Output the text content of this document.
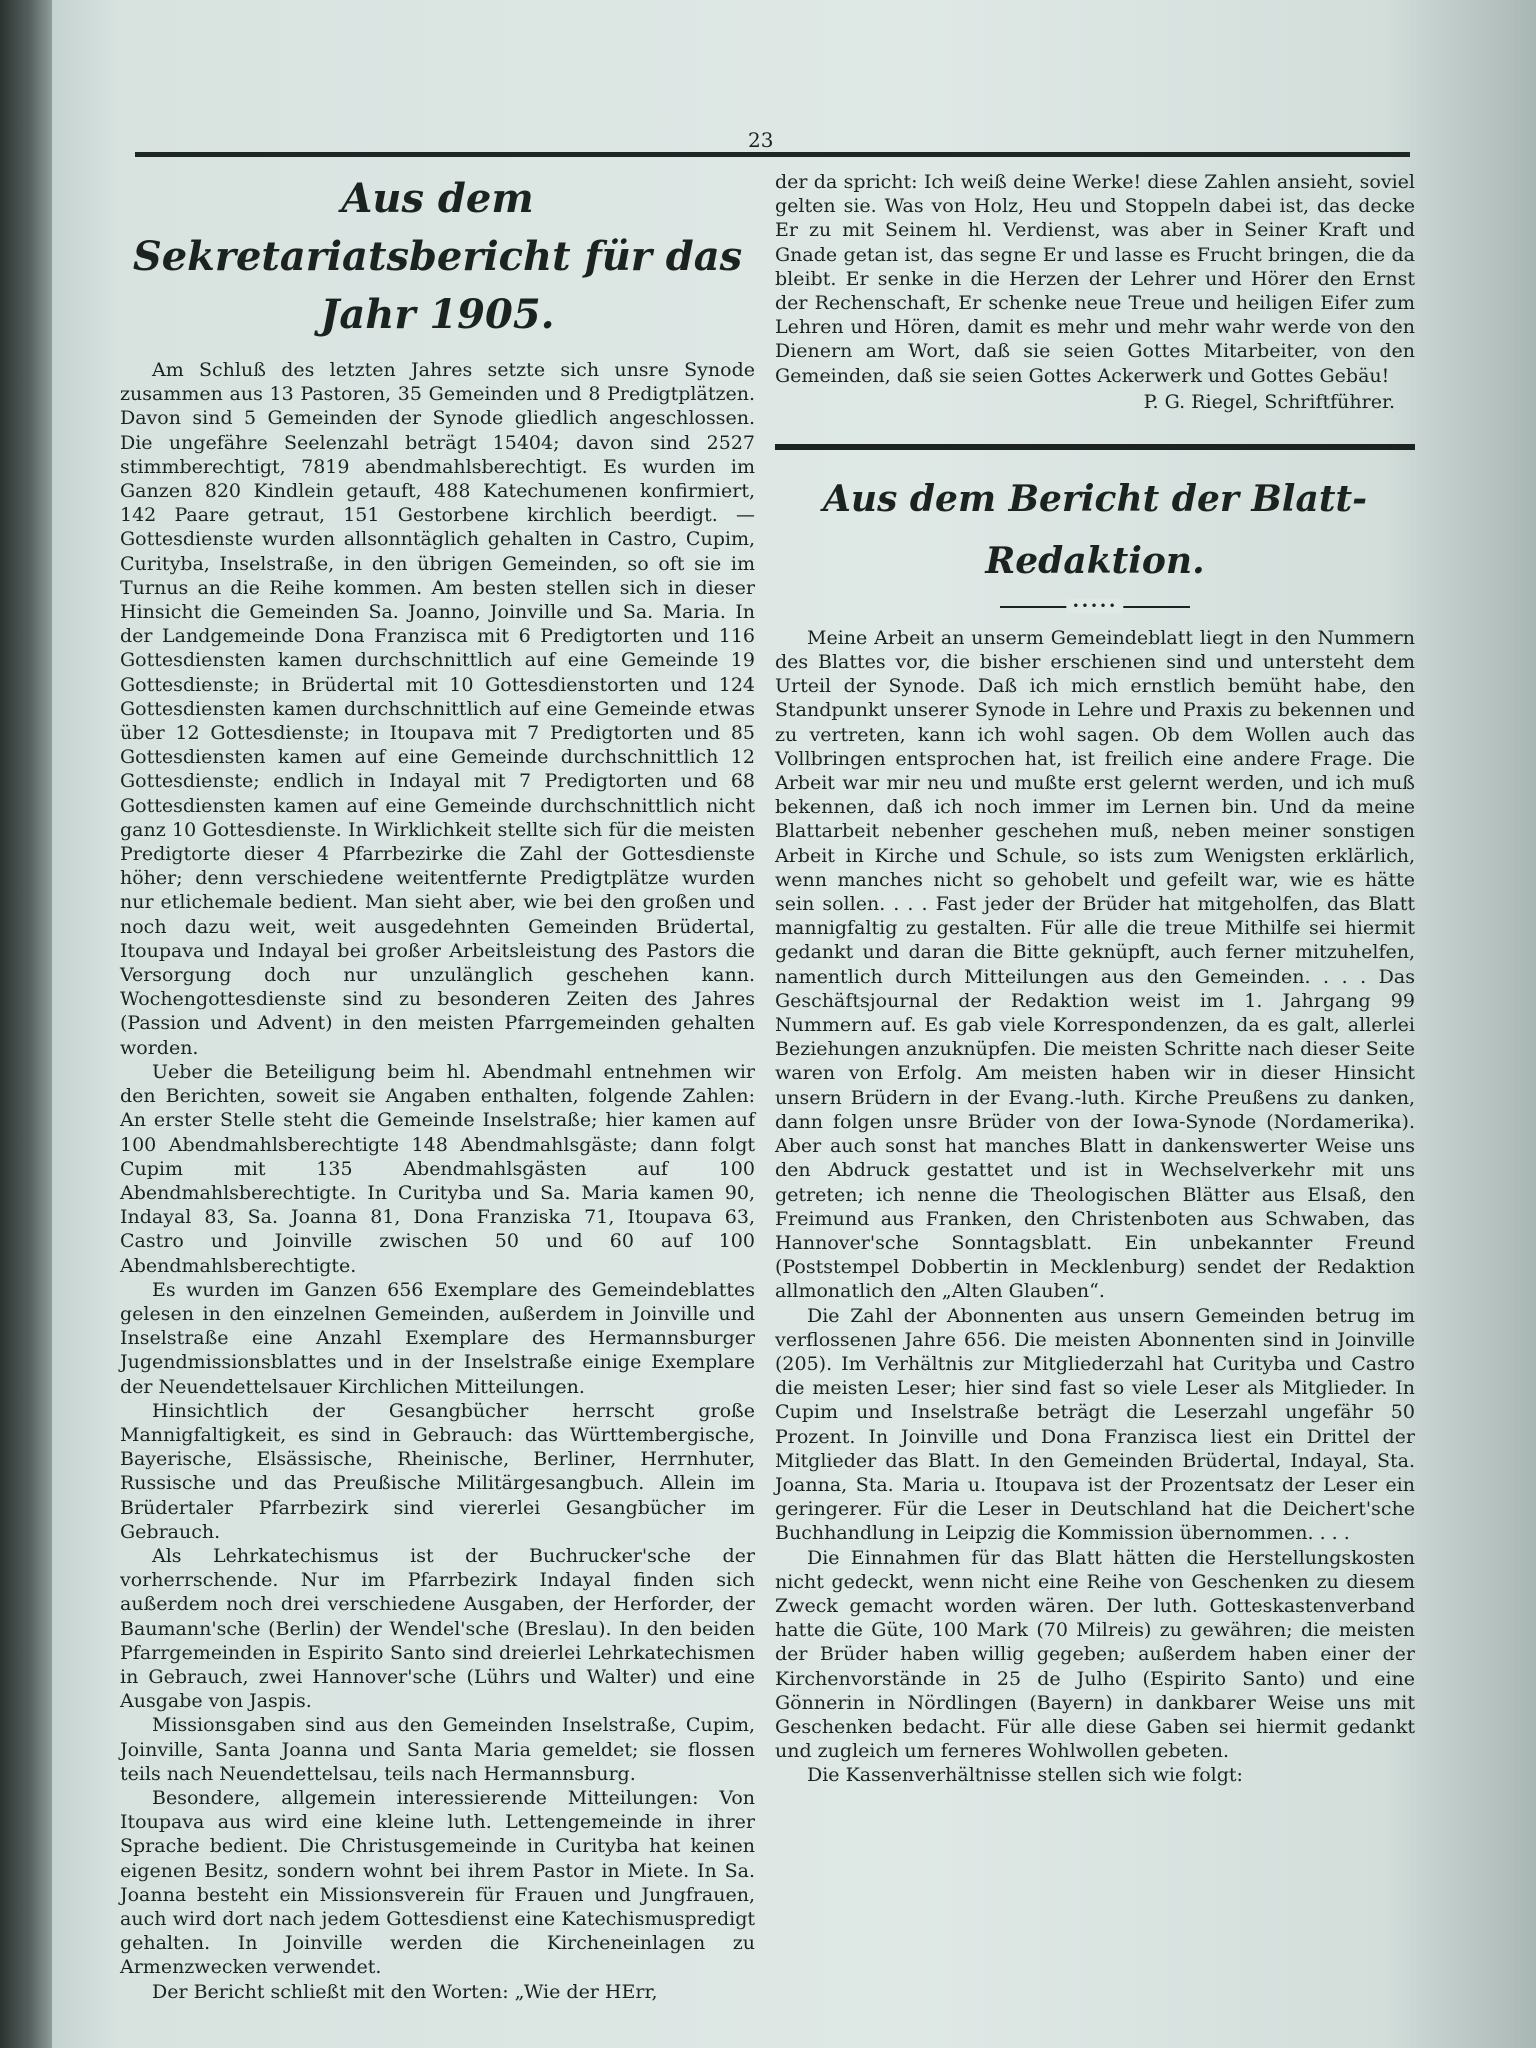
23
Aus dem Sekretariatsbericht für das Jahr 1905.

Am Schluß des letzten Jahres setzte sich unsre Synode zusammen aus 13 Pastoren, 35 Gemeinden und 8 Predigtplätzen. Davon sind 5 Gemeinden der Synode gliedlich angeschlossen. Die ungefähre Seelenzahl beträgt 15404; davon sind 2527 stimmberechtigt, 7819 abendmahlsberechtigt. Es wurden im Ganzen 820 Kindlein getauft, 488 Katechumenen konfirmiert, 142 Paare getraut, 151 Gestorbene kirchlich beerdigt. — Gottesdienste wurden allsonntäglich gehalten in Castro, Cupim, Curityba, Inselstraße, in den übrigen Gemeinden, so oft sie im Turnus an die Reihe kommen. Am besten stellen sich in dieser Hinsicht die Gemeinden Sa. Joanno, Joinville und Sa. Maria. In der Landgemeinde Dona Franzisca mit 6 Predigtorten und 116 Gottesdiensten kamen durchschnittlich auf eine Gemeinde 19 Gottesdienste; in Brüdertal mit 10 Gottesdienstorten und 124 Gottesdiensten kamen durchschnittlich auf eine Gemeinde etwas über 12 Gottesdienste; in Itoupava mit 7 Predigtorten und 85 Gottesdiensten kamen auf eine Gemeinde durchschnittlich 12 Gottesdienste; endlich in Indayal mit 7 Predigtorten und 68 Gottesdiensten kamen auf eine Gemeinde durchschnittlich nicht ganz 10 Gottesdienste. In Wirklichkeit stellte sich für die meisten Predigtorte dieser 4 Pfarrbezirke die Zahl der Gottesdienste höher; denn verschiedene weitentfernte Predigtplätze wurden nur etlichemale bedient. Man sieht aber, wie bei den großen und noch dazu weit, weit ausgedehnten Gemeinden Brüdertal, Itoupava und Indayal bei großer Arbeitsleistung des Pastors die Versorgung doch nur unzulänglich geschehen kann. Wochengottesdienste sind zu besonderen Zeiten des Jahres (Passion und Advent) in den meisten Pfarrgemeinden gehalten worden.

Ueber die Beteiligung beim hl. Abendmahl entnehmen wir den Berichten, soweit sie Angaben enthalten, folgende Zahlen: An erster Stelle steht die Gemeinde Inselstraße; hier kamen auf 100 Abendmahlsberechtigte 148 Abendmahlsgäste; dann folgt Cupim mit 135 Abendmahlsgästen auf 100 Abendmahlsberechtigte. In Curityba und Sa. Maria kamen 90, Indayal 83, Sa. Joanna 81, Dona Franziska 71, Itoupava 63, Castro und Joinville zwischen 50 und 60 auf 100 Abendmahlsberechtigte.

Es wurden im Ganzen 656 Exemplare des Gemeindeblattes gelesen in den einzelnen Gemeinden, außerdem in Joinville und Inselstraße eine Anzahl Exemplare des Hermannsburger Jugendmissionsblattes und in der Inselstraße einige Exemplare der Neuendettelsauer Kirchlichen Mitteilungen.

Hinsichtlich der Gesangbücher herrscht große Mannigfaltigkeit, es sind in Gebrauch: das Württembergische, Bayerische, Elsässische, Rheinische, Berliner, Herrnhuter, Russische und das Preußische Militärgesangbuch. Allein im Brüdertaler Pfarrbezirk sind viererlei Gesangbücher im Gebrauch.

Als Lehrkatechismus ist der Buchrucker'sche der vorherrschende. Nur im Pfarrbezirk Indayal finden sich außerdem noch drei verschiedene Ausgaben, der Herforder, der Baumann'sche (Berlin) der Wendel'sche (Breslau). In den beiden Pfarrgemeinden in Espirito Santo sind dreierlei Lehrkatechismen in Gebrauch, zwei Hannover'sche (Lührs und Walter) und eine Ausgabe von Jaspis.

Missionsgaben sind aus den Gemeinden Inselstraße, Cupim, Joinville, Santa Joanna und Santa Maria gemeldet; sie flossen teils nach Neuendettelsau, teils nach Hermannsburg.

Besondere, allgemein interessierende Mitteilungen: Von Itoupava aus wird eine kleine luth. Lettengemeinde in ihrer Sprache bedient. Die Christusgemeinde in Curityba hat keinen eigenen Besitz, sondern wohnt bei ihrem Pastor in Miete. In Sa. Joanna besteht ein Missionsverein für Frauen und Jungfrauen, auch wird dort nach jedem Gottesdienst eine Katechismuspredigt gehalten. In Joinville werden die Kircheneinlagen zu Armenzwecken verwendet.

Der Bericht schließt mit den Worten: „Wie der HErr,

der da spricht: Ich weiß deine Werke! diese Zahlen ansieht, soviel gelten sie. Was von Holz, Heu und Stoppeln dabei ist, das decke Er zu mit Seinem hl. Verdienst, was aber in Seiner Kraft und Gnade getan ist, das segne Er und lasse es Frucht bringen, die da bleibt. Er senke in die Herzen der Lehrer und Hörer den Ernst der Rechenschaft, Er schenke neue Treue und heiligen Eifer zum Lehren und Hören, damit es mehr und mehr wahr werde von den Dienern am Wort, daß sie seien Gottes Mitarbeiter, von den Gemeinden, daß sie seien Gottes Ackerwerk und Gottes Gebäu!

P. G. Riegel, Schriftführer.
Aus dem Bericht der Blatt-Redaktion.
•••••

Meine Arbeit an unserm Gemeindeblatt liegt in den Nummern des Blattes vor, die bisher erschienen sind und untersteht dem Urteil der Synode. Daß ich mich ernstlich bemüht habe, den Standpunkt unserer Synode in Lehre und Praxis zu bekennen und zu vertreten, kann ich wohl sagen. Ob dem Wollen auch das Vollbringen entsprochen hat, ist freilich eine andere Frage. Die Arbeit war mir neu und mußte erst gelernt werden, und ich muß bekennen, daß ich noch immer im Lernen bin. Und da meine Blattarbeit nebenher geschehen muß, neben meiner sonstigen Arbeit in Kirche und Schule, so ists zum Wenigsten erklärlich, wenn manches nicht so gehobelt und gefeilt war, wie es hätte sein sollen. . . . Fast jeder der Brüder hat mitgeholfen, das Blatt mannigfaltig zu gestalten. Für alle die treue Mithilfe sei hiermit gedankt und daran die Bitte geknüpft, auch ferner mitzuhelfen, namentlich durch Mitteilungen aus den Gemeinden. . . . Das Geschäftsjournal der Redaktion weist im 1. Jahrgang 99 Nummern auf. Es gab viele Korrespondenzen, da es galt, allerlei Beziehungen anzuknüpfen. Die meisten Schritte nach dieser Seite waren von Erfolg. Am meisten haben wir in dieser Hinsicht unsern Brüdern in der Evang.-luth. Kirche Preußens zu danken, dann folgen unsre Brüder von der Iowa-Synode (Nordamerika). Aber auch sonst hat manches Blatt in dankenswerter Weise uns den Abdruck gestattet und ist in Wechselverkehr mit uns getreten; ich nenne die Theologischen Blätter aus Elsaß, den Freimund aus Franken, den Christenboten aus Schwaben, das Hannover'sche Sonntagsblatt. Ein unbekannter Freund (Poststempel Dobbertin in Mecklenburg) sendet der Redaktion allmonatlich den „Alten Glauben“.

Die Zahl der Abonnenten aus unsern Gemeinden betrug im verflossenen Jahre 656. Die meisten Abonnenten sind in Joinville (205). Im Verhältnis zur Mitgliederzahl hat Curityba und Castro die meisten Leser; hier sind fast so viele Leser als Mitglieder. In Cupim und Inselstraße beträgt die Leserzahl ungefähr 50 Prozent. In Joinville und Dona Franzisca liest ein Drittel der Mitglieder das Blatt. In den Gemeinden Brüdertal, Indayal, Sta. Joanna, Sta. Maria u. Itoupava ist der Prozentsatz der Leser ein geringerer. Für die Leser in Deutschland hat die Deichert'sche Buchhandlung in Leipzig die Kommission übernommen. . . .

Die Einnahmen für das Blatt hätten die Herstellungskosten nicht gedeckt, wenn nicht eine Reihe von Geschenken zu diesem Zweck gemacht worden wären. Der luth. Gotteskastenverband hatte die Güte, 100 Mark (70 Milreis) zu gewähren; die meisten der Brüder haben willig gegeben; außerdem haben einer der Kirchenvorstände in 25 de Julho (Espirito Santo) und eine Gönnerin in Nördlingen (Bayern) in dankbarer Weise uns mit Geschenken bedacht. Für alle diese Gaben sei hiermit gedankt und zugleich um ferneres Wohlwollen gebeten.

Die Kassenverhältnisse stellen sich wie folgt:
